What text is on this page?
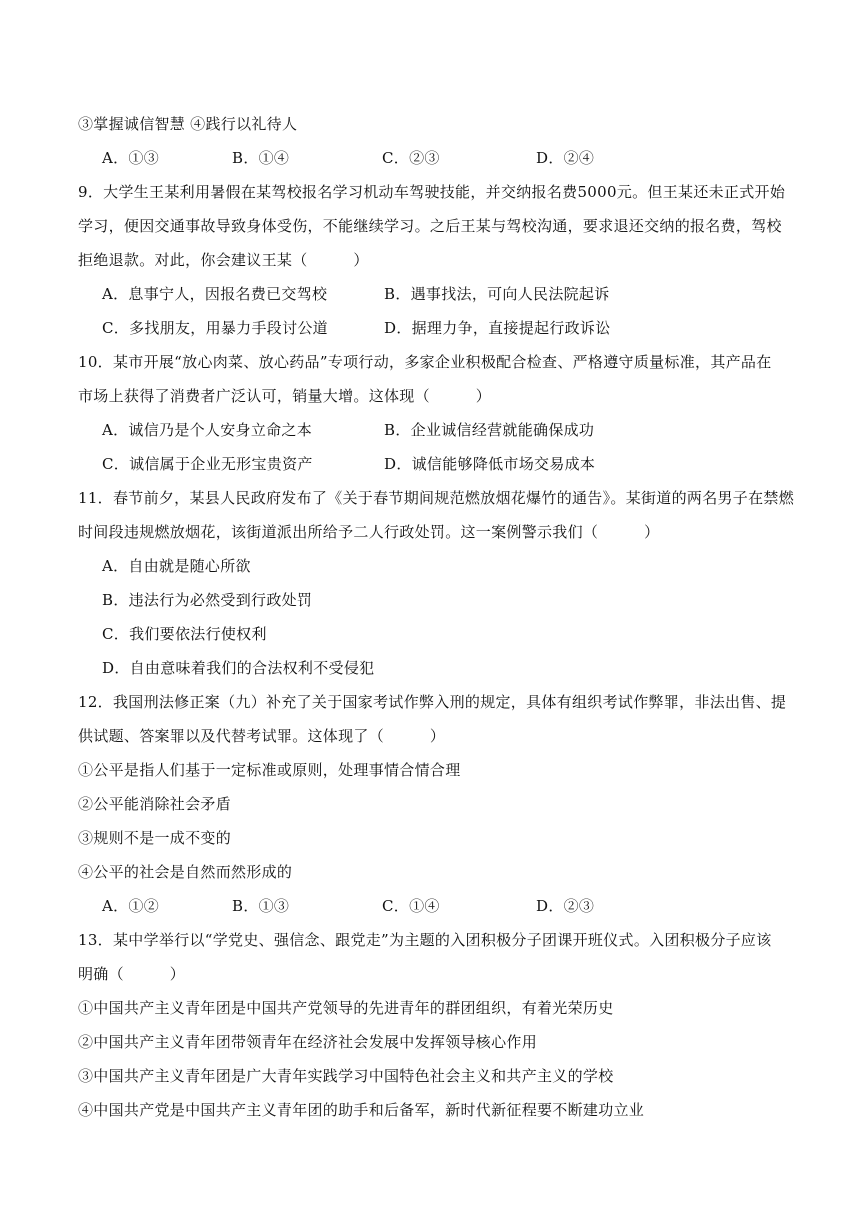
③掌握诚信智慧 ④践行以礼待人
A．①③	B．①④	C．②③	D．②④
9．大学生王某利用暑假在某驾校报名学习机动车驾驶技能，并交纳报名费5000元。但王某还未正式开始
学习，便因交通事故导致身体受伤，不能继续学习。之后王某与驾校沟通，要求退还交纳的报名费，驾校
拒绝退款。对此，你会建议王某（　　　）
A．息事宁人，因报名费已交驾校	B．遇事找法，可向人民法院起诉
C．多找朋友，用暴力手段讨公道	D．据理力争，直接提起行政诉讼
10．某市开展“放心肉菜、放心药品”专项行动，多家企业积极配合检查、严格遵守质量标准，其产品在
市场上获得了消费者广泛认可，销量大增。这体现（　　　）
A．诚信乃是个人安身立命之本	B．企业诚信经营就能确保成功
C．诚信属于企业无形宝贵资产	D．诚信能够降低市场交易成本
11．春节前夕，某县人民政府发布了《关于春节期间规范燃放烟花爆竹的通告》。某街道的两名男子在禁燃
时间段违规燃放烟花，该街道派出所给予二人行政处罚。这一案例警示我们（　　　）
A．自由就是随心所欲
B．违法行为必然受到行政处罚
C．我们要依法行使权利
D．自由意味着我们的合法权利不受侵犯
12．我国刑法修正案（九）补充了关于国家考试作弊入刑的规定，具体有组织考试作弊罪，非法出售、提
供试题、答案罪以及代替考试罪。这体现了（　　　）
①公平是指人们基于一定标准或原则，处理事情合情合理
②公平能消除社会矛盾
③规则不是一成不变的
④公平的社会是自然而然形成的
A．①②	B．①③	C．①④	D．②③
13．某中学举行以“学党史、强信念、跟党走”为主题的入团积极分子团课开班仪式。入团积极分子应该
明确（　　　）
①中国共产主义青年团是中国共产党领导的先进青年的群团组织，有着光荣历史
②中国共产主义青年团带领青年在经济社会发展中发挥领导核心作用
③中国共产主义青年团是广大青年实践学习中国特色社会主义和共产主义的学校
④中国共产党是中国共产主义青年团的助手和后备军，新时代新征程要不断建功立业
